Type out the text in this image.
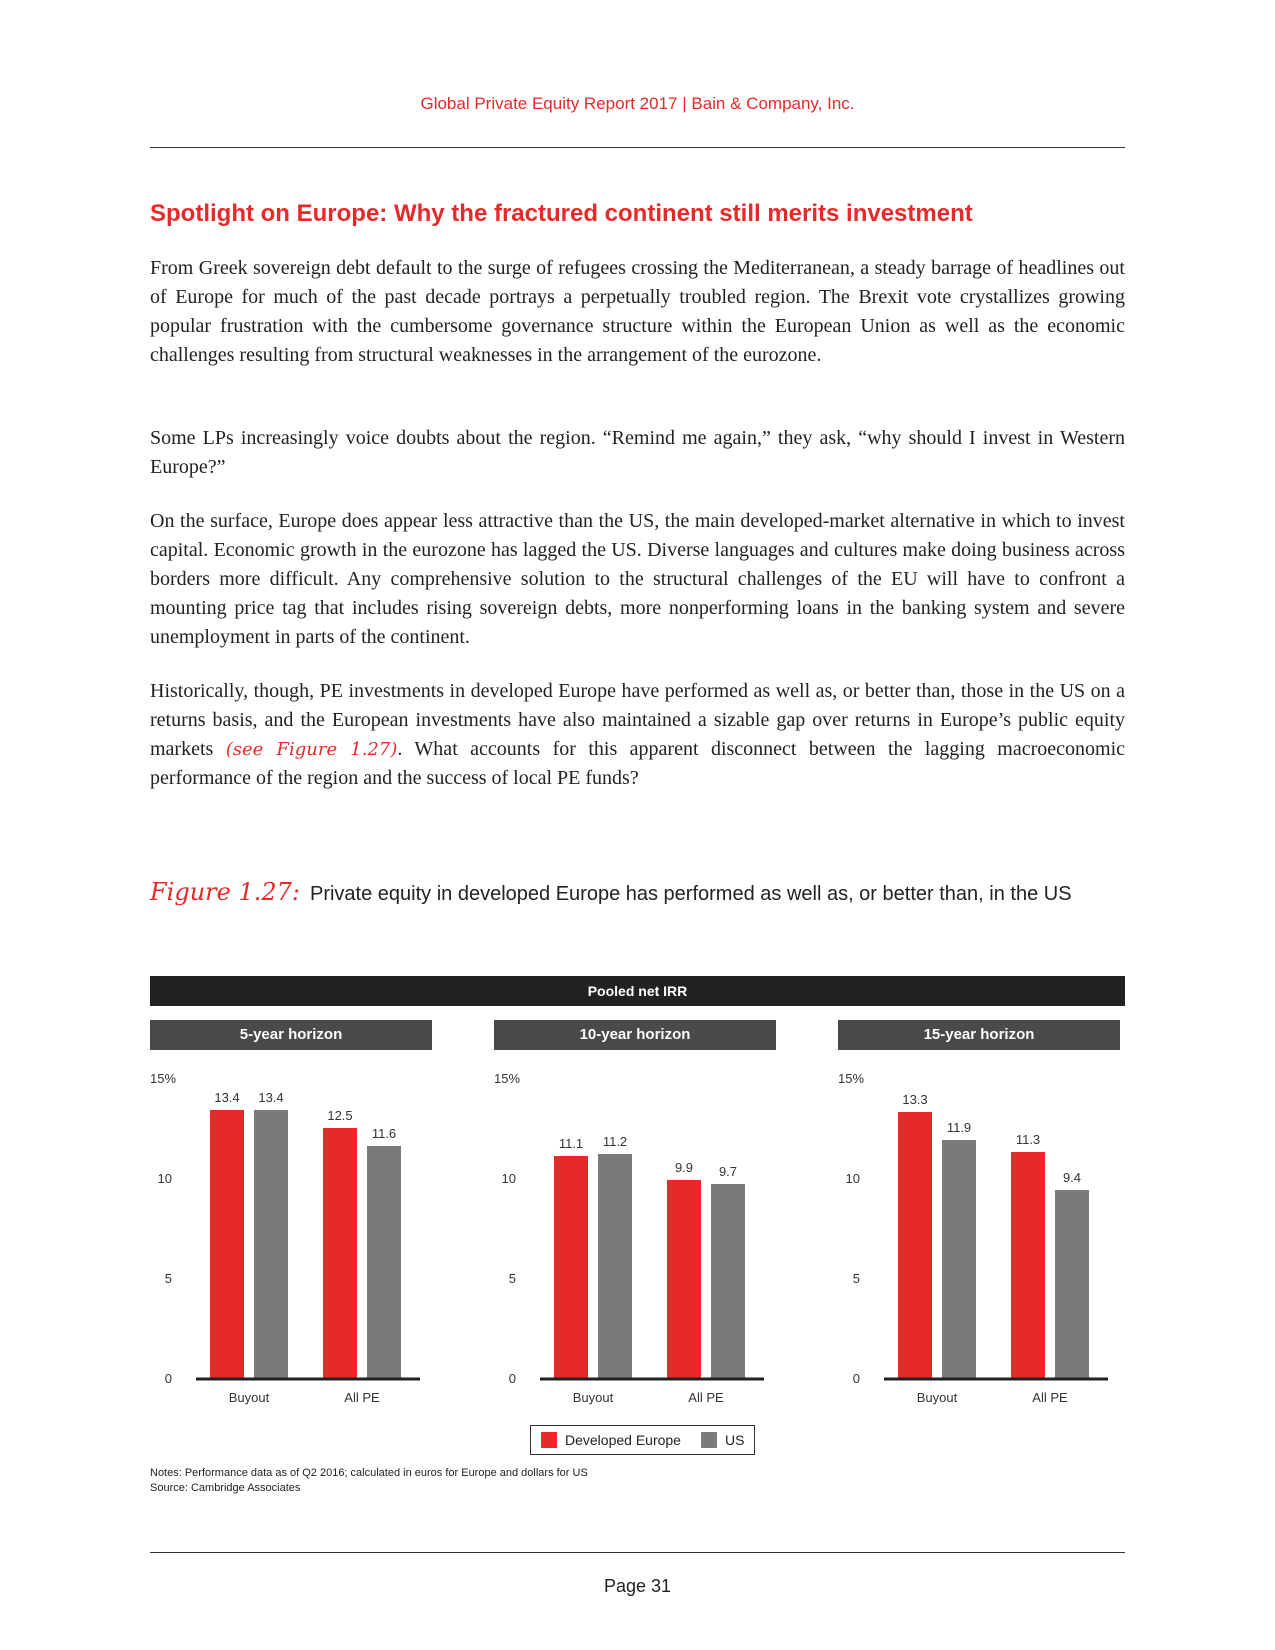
Global Private Equity Report 2017 | Bain & Company, Inc.
Spotlight on Europe: Why the fractured continent still merits investment

From Greek sovereign debt default to the surge of refugees crossing the Mediterranean, a steady barrage of headlines out of Europe for much of the past decade portrays a perpetually troubled region. The Brexit vote crystallizes growing popular frustration with the cumbersome governance structure within the European Union as well as the economic challenges resulting from structural weaknesses in the arrangement of the eurozone.

Some LPs increasingly voice doubts about the region. “Remind me again,” they ask, “why should I invest in Western Europe?”

On the surface, Europe does appear less attractive than the US, the main developed-market alternative in which to invest capital. Economic growth in the eurozone has lagged the US. Diverse languages and cultures make doing business across borders more difficult. Any comprehensive solution to the structural challenges of the EU will have to confront a mounting price tag that includes rising sovereign debts, more nonperforming loans in the banking system and severe unemployment in parts of the continent.

Historically, though, PE investments in developed Europe have performed as well as, or better than, those in the US on a returns basis, and the European investments have also maintained a sizable gap over returns in Europe’s public equity markets (see Figure 1.27). What accounts for this apparent disconnect between the lagging macroeconomic performance of the region and the success of local PE funds?

Figure 1.27: Private equity in developed Europe has performed as well as, or better than, in the US
Pooled net IRR
5-year horizon	10-year horizon	15-year horizon
0
5
10
15%
13.4 13.4
Buyout
12.5
11.6
All PE
0
5
10
15%
11.1 11.2
Buyout
9.9 9.7
All PE
0
5
10
15%
13.3
11.9
Buyout
11.3
9.4
All PE
Developed Europe	US
Notes: Performance data as of Q2 2016; calculated in euros for Europe and dollars for US
Source: Cambridge Associates
Page 31
